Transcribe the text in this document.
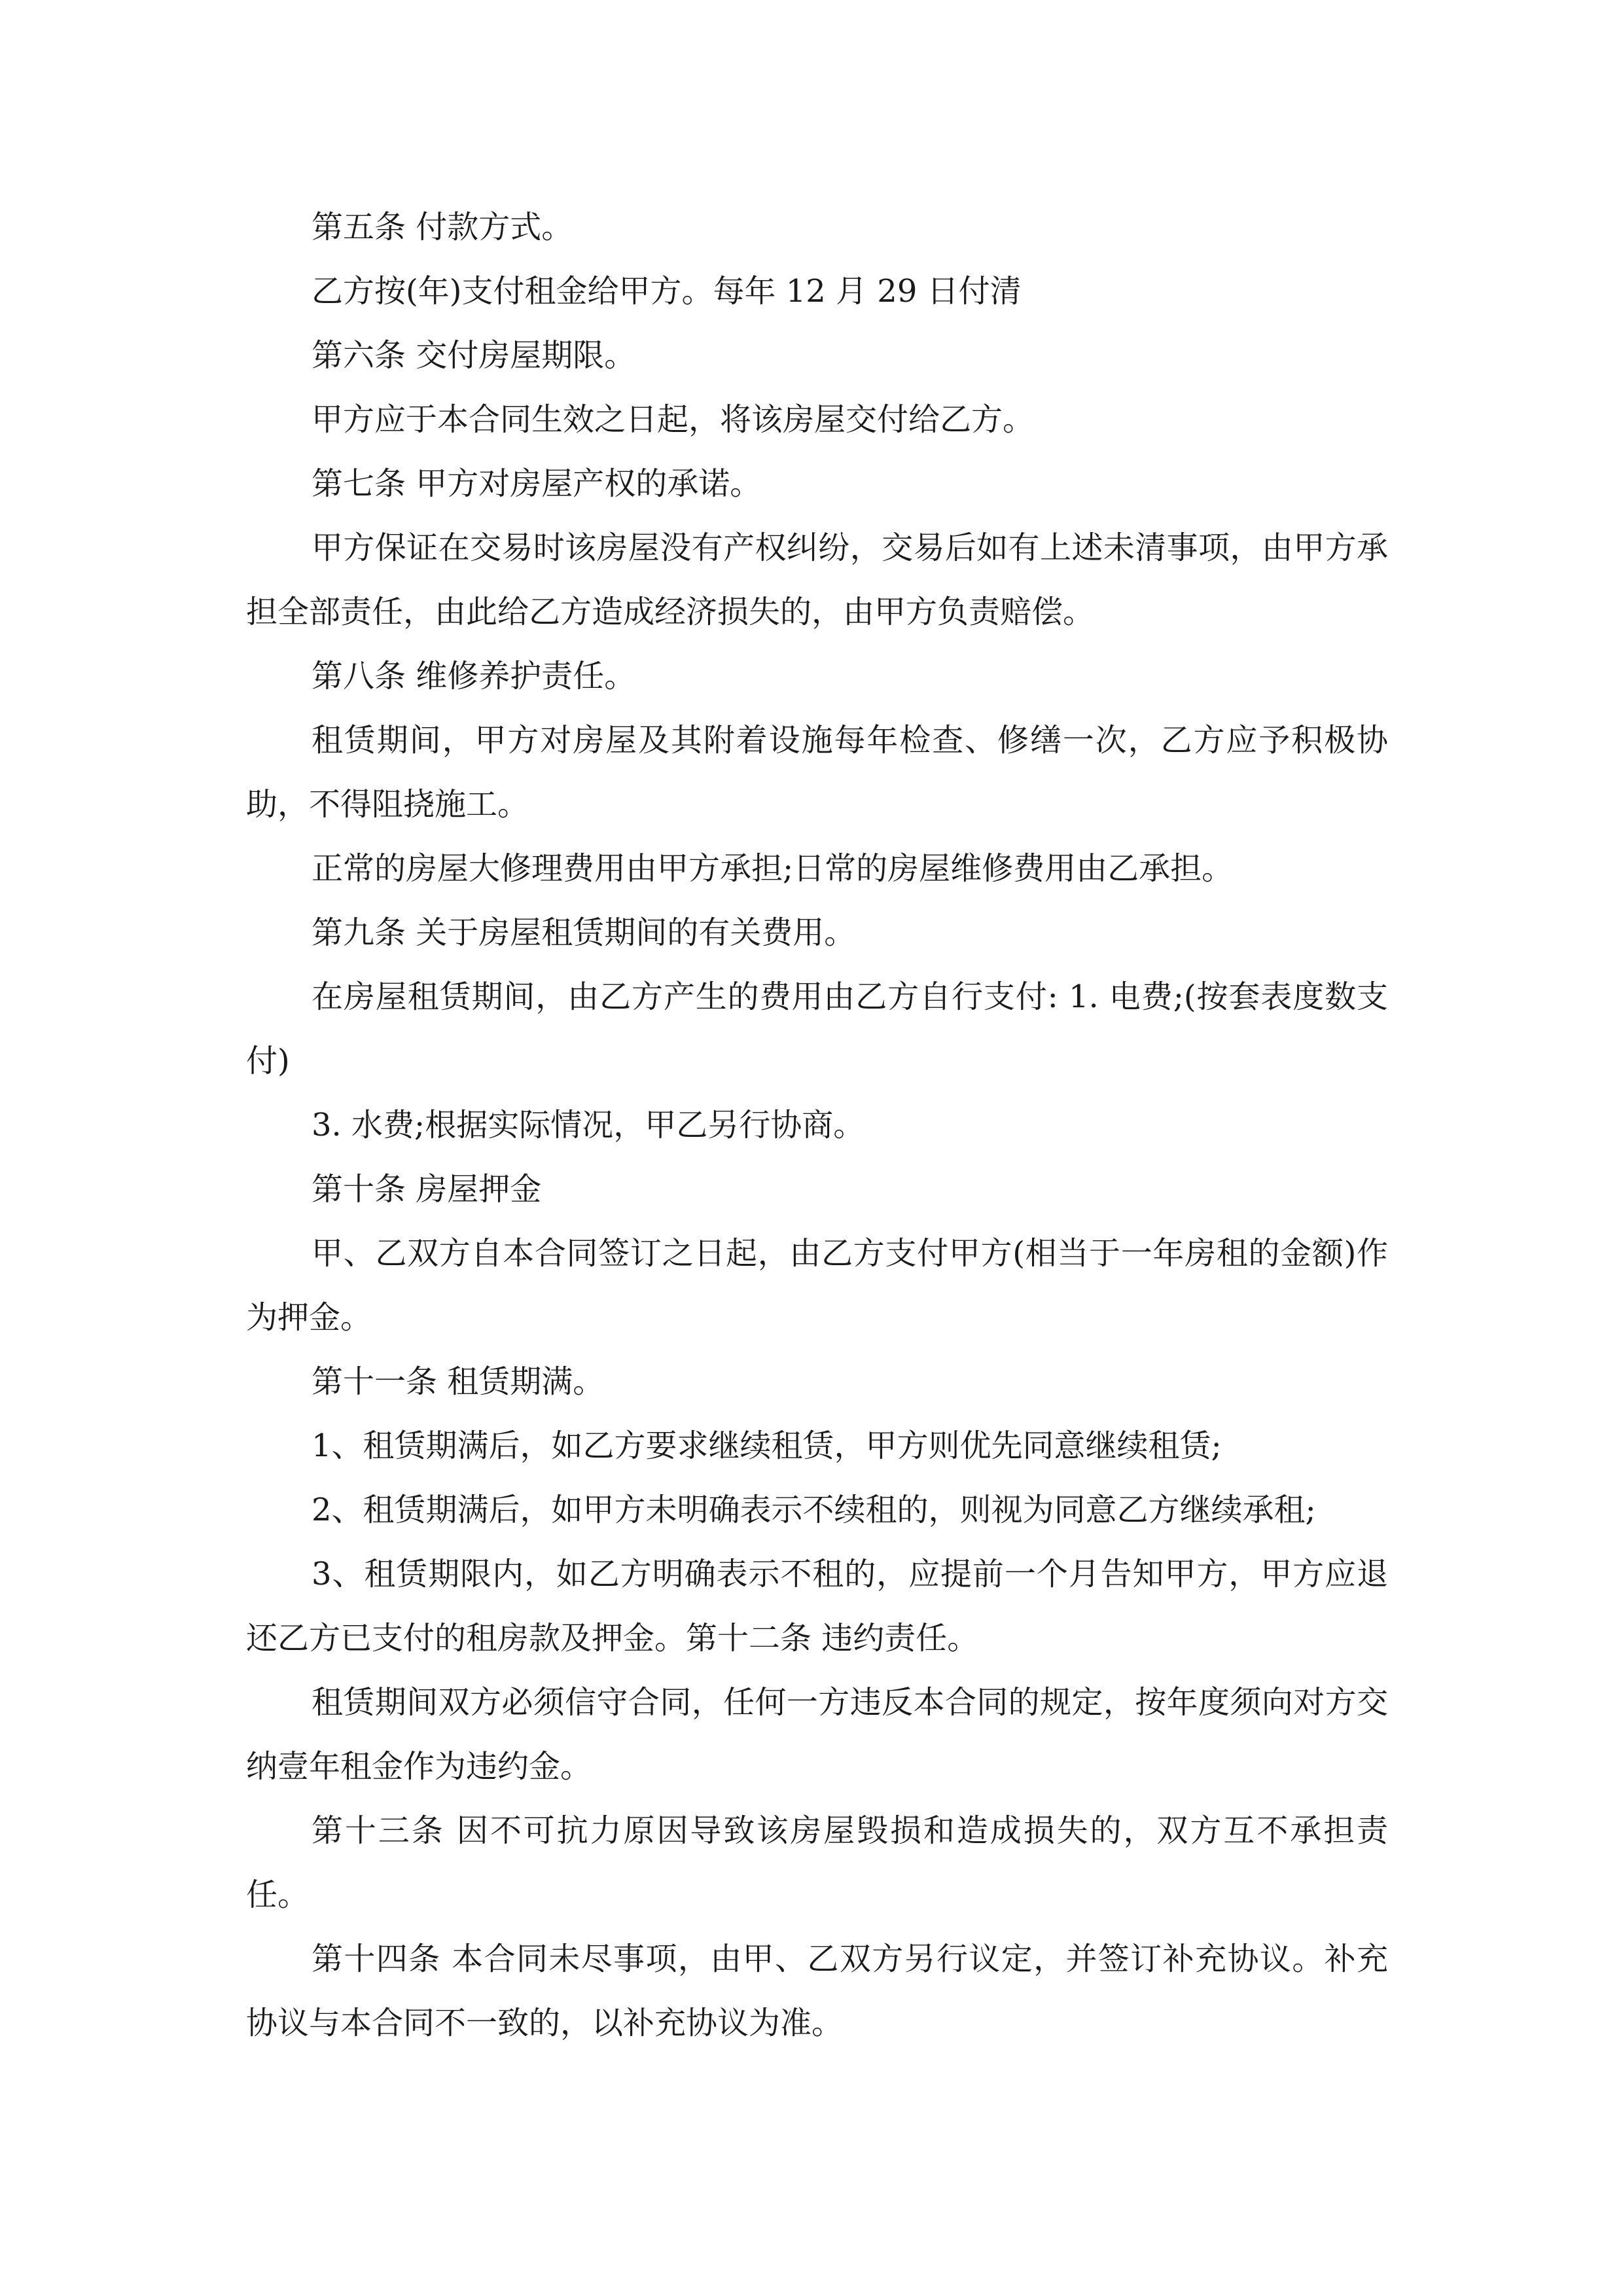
第五条 付款方式。

乙方按(年)支付租金给甲方。每年 12 月 29 日付清

第六条 交付房屋期限。

甲方应于本合同生效之日起，将该房屋交付给乙方。

第七条 甲方对房屋产权的承诺。

甲方保证在交易时该房屋没有产权纠纷，交易后如有上述未清事项，由甲方承担全部责任，由此给乙方造成经济损失的，由甲方负责赔偿。

第八条 维修养护责任。

租赁期间，甲方对房屋及其附着设施每年检查、修缮一次，乙方应予积极协助，不得阻挠施工。

正常的房屋大修理费用由甲方承担;日常的房屋维修费用由乙承担。

第九条 关于房屋租赁期间的有关费用。

在房屋租赁期间，由乙方产生的费用由乙方自行支付: 1. 电费;(按套表度数支付)

3. 水费;根据实际情况，甲乙另行协商。

第十条 房屋押金

甲、乙双方自本合同签订之日起，由乙方支付甲方(相当于一年房租的金额)作为押金。

第十一条 租赁期满。

1、租赁期满后，如乙方要求继续租赁，甲方则优先同意继续租赁;

2、租赁期满后，如甲方未明确表示不续租的，则视为同意乙方继续承租;

3、租赁期限内，如乙方明确表示不租的，应提前一个月告知甲方，甲方应退还乙方已支付的租房款及押金。第十二条 违约责任。

租赁期间双方必须信守合同，任何一方违反本合同的规定，按年度须向对方交纳壹年租金作为违约金。

第十三条 因不可抗力原因导致该房屋毁损和造成损失的，双方互不承担责任。

第十四条 本合同未尽事项，由甲、乙双方另行议定，并签订补充协议。补充协议与本合同不一致的，以补充协议为准。
